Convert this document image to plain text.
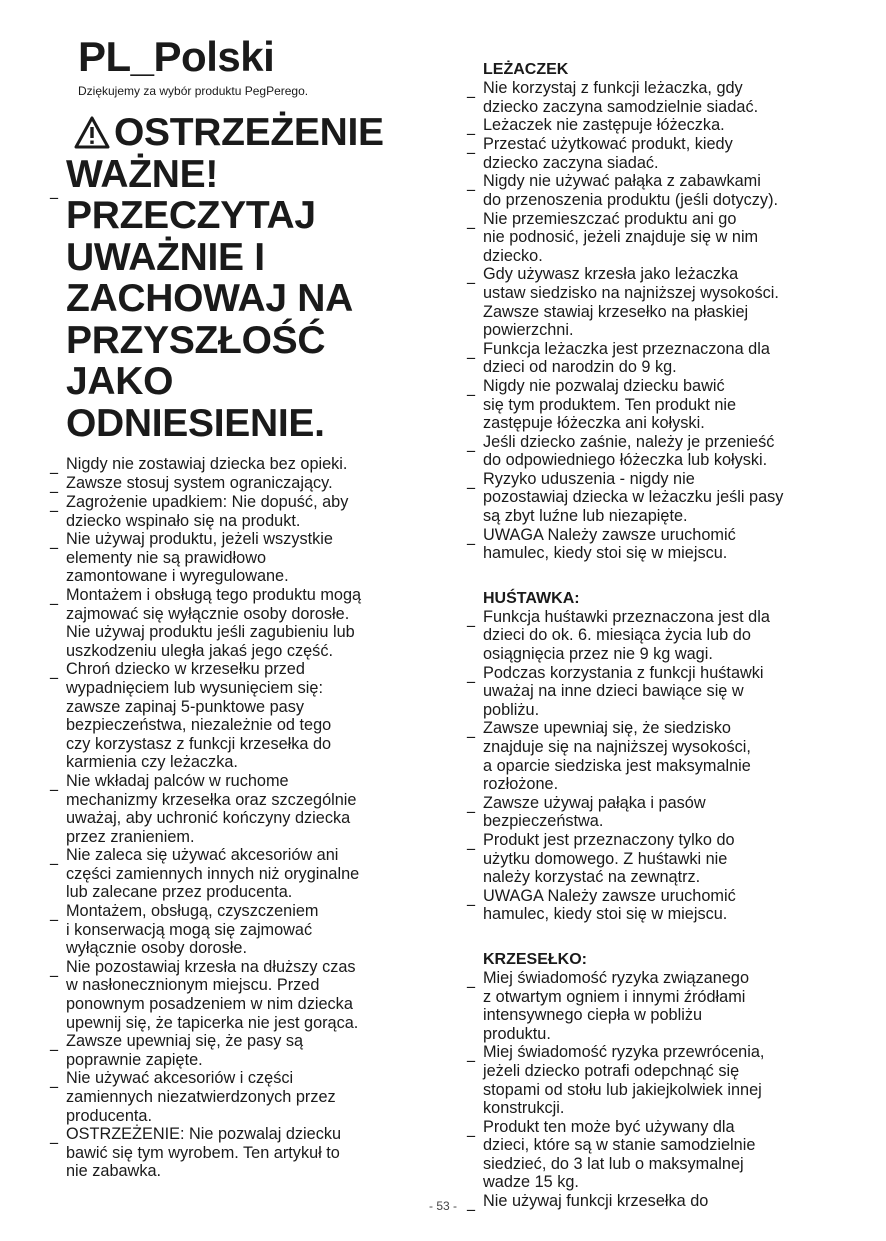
PL_Polski

Dziękujemy za wybór produktu PegPerego.

_
OSTRZEŻENIE
WAŻNE!
PRZECZYTAJ
UWAŻNIE I
ZACHOWAJ NA
PRZYSZŁOŚĆ
JAKO
ODNIESIENIE.
_ Nigdy nie zostawiaj dziecka bez opieki.
_ Zawsze stosuj system ograniczający.
_ Zagrożenie upadkiem: Nie dopuść, aby
dziecko wspinało się na produkt.
_ Nie używaj produktu, jeżeli wszystkie
elementy nie są prawidłowo
zamontowane i wyregulowane.
_ Montażem i obsługą tego produktu mogą
zajmować się wyłącznie osoby dorosłe.
Nie używaj produktu jeśli zagubieniu lub
uszkodzeniu uległa jakaś jego część.
_ Chroń dziecko w krzesełku przed
wypadnięciem lub wysunięciem się:
zawsze zapinaj 5-punktowe pasy
bezpieczeństwa, niezależnie od tego
czy korzystasz z funkcji krzesełka do
karmienia czy leżaczka.
_ Nie wkładaj palców w ruchome
mechanizmy krzesełka oraz szczególnie
uważaj, aby uchronić kończyny dziecka
przez zranieniem.
_ Nie zaleca się używać akcesoriów ani
części zamiennych innych niż oryginalne
lub zalecane przez producenta.
_ Montażem, obsługą, czyszczeniem
i konserwacją mogą się zajmować
wyłącznie osoby dorosłe.
_ Nie pozostawiaj krzesła na dłuższy czas
w nasłonecznionym miejscu. Przed
ponownym posadzeniem w nim dziecka
upewnij się, że tapicerka nie jest gorąca.
_ Zawsze upewniaj się, że pasy są
poprawnie zapięte.
_ Nie używać akcesoriów i części
zamiennych niezatwierdzonych przez
producenta.
_ OSTRZEŻENIE: Nie pozwalaj dziecku
bawić się tym wyrobem. Ten artykuł to
nie zabawka.
LEŻACZEK
_ Nie korzystaj z funkcji leżaczka, gdy
dziecko zaczyna samodzielnie siadać.
_ Leżaczek nie zastępuje łóżeczka.
_ Przestać użytkować produkt, kiedy
dziecko zaczyna siadać.
_ Nigdy nie używać pałąka z zabawkami
do przenoszenia produktu (jeśli dotyczy).
_ Nie przemieszczać produktu ani go
nie podnosić, jeżeli znajduje się w nim
dziecko.
_ Gdy używasz krzesła jako leżaczka
ustaw siedzisko na najniższej wysokości.
Zawsze stawiaj krzesełko na płaskiej
powierzchni.
_ Funkcja leżaczka jest przeznaczona dla
dzieci od narodzin do 9 kg.
_ Nigdy nie pozwalaj dziecku bawić
się tym produktem. Ten produkt nie
zastępuje łóżeczka ani kołyski.
_ Jeśli dziecko zaśnie, należy je przenieść
do odpowiedniego łóżeczka lub kołyski.
_ Ryzyko uduszenia - nigdy nie
pozostawiaj dziecka w leżaczku jeśli pasy
są zbyt luźne lub niezapięte.
_ UWAGA Należy zawsze uruchomić
hamulec, kiedy stoi się w miejscu.
HUŚTAWKA:
_ Funkcja huśtawki przeznaczona jest dla
dzieci do ok. 6. miesiąca życia lub do
osiągnięcia przez nie 9 kg wagi.
_ Podczas korzystania z funkcji huśtawki
uważaj na inne dzieci bawiące się w
pobliżu.
_ Zawsze upewniaj się, że siedzisko
znajduje się na najniższej wysokości,
a oparcie siedziska jest maksymalnie
rozłożone.
_ Zawsze używaj pałąka i pasów
bezpieczeństwa.
_ Produkt jest przeznaczony tylko do
użytku domowego. Z huśtawki nie
należy korzystać na zewnątrz.
_ UWAGA Należy zawsze uruchomić
hamulec, kiedy stoi się w miejscu.
KRZESEŁKO:
_ Miej świadomość ryzyka związanego
z otwartym ogniem i innymi źródłami
intensywnego ciepła w pobliżu
produktu.
_ Miej świadomość ryzyka przewrócenia,
jeżeli dziecko potrafi odepchnąć się
stopami od stołu lub jakiejkolwiek innej
konstrukcji.
_ Produkt ten może być używany dla
dzieci, które są w stanie samodzielnie
siedzieć, do 3 lat lub o maksymalnej
wadze 15 kg.
_ Nie używaj funkcji krzesełka do
- 53 -
